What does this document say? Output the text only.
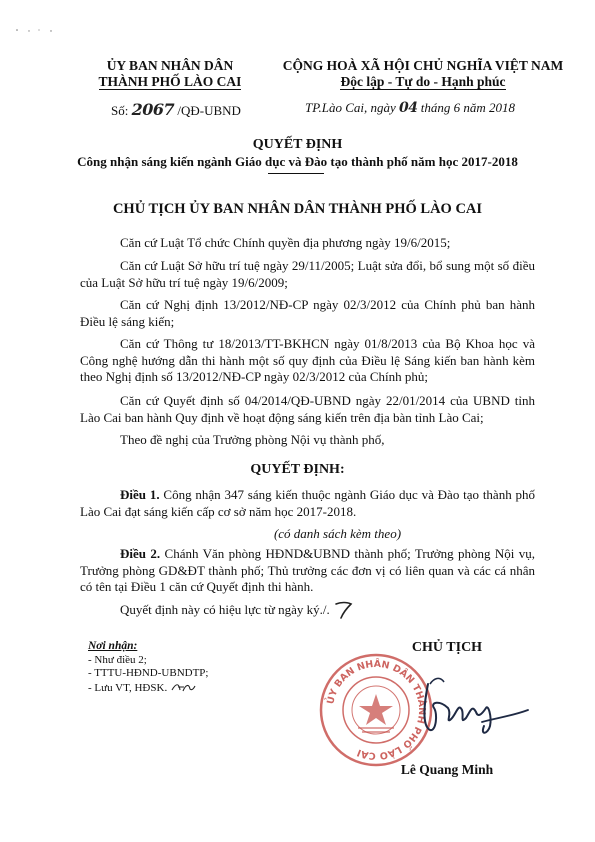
ỦY BAN NHÂN DÂN
THÀNH PHỐ LÀO CAI
CỘNG HOÀ XÃ HỘI CHỦ NGHĨA VIỆT NAM
Độc lập - Tự do - Hạnh phúc
Số: 2067 /QĐ-UBND	TP.Lào Cai, ngày 04 tháng 6 năm 2018
QUYẾT ĐỊNH
Công nhận sáng kiến ngành Giáo dục và Đào tạo thành phố năm học 2017-2018
CHỦ TỊCH ỦY BAN NHÂN DÂN THÀNH PHỐ LÀO CAI
Căn cứ Luật Tổ chức Chính quyền địa phương ngày 19/6/2015;
Căn cứ Luật Sở hữu trí tuệ ngày 29/11/2005; Luật sửa đổi, bổ sung một số điều của Luật Sở hữu trí tuệ ngày 19/6/2009;
Căn cứ Nghị định 13/2012/NĐ-CP ngày 02/3/2012 của Chính phủ ban hành Điều lệ sáng kiến;
Căn cứ Thông tư 18/2013/TT-BKHCN ngày 01/8/2013 của Bộ Khoa học và Công nghệ hướng dẫn thi hành một số quy định của Điều lệ Sáng kiến ban hành kèm theo Nghị định số 13/2012/NĐ-CP ngày 02/3/2012 của Chính phủ;
Căn cứ Quyết định số 04/2014/QĐ-UBND ngày 22/01/2014 của UBND tỉnh Lào Cai ban hành Quy định về hoạt động sáng kiến trên địa bàn tỉnh Lào Cai;
Theo đề nghị của Trưởng phòng Nội vụ thành phố,
QUYẾT ĐỊNH:
Điều 1. Công nhận 347 sáng kiến thuộc ngành Giáo dục và Đào tạo thành phố Lào Cai đạt sáng kiến cấp cơ sở năm học 2017-2018.
(có danh sách kèm theo)
Điều 2. Chánh Văn phòng HĐND&UBND thành phố; Trưởng phòng Nội vụ, Trưởng phòng GD&ĐT thành phố; Thủ trưởng các đơn vị có liên quan và các cá nhân có tên tại Điều 1 căn cứ Quyết định thi hành.
Quyết định này có hiệu lực từ ngày ký./.
Nơi nhận:
- Như điều 2;
- TTTU-HĐND-UBNDTP;
- Lưu VT, HĐSK.
CHỦ TỊCH
ỦY BAN NHÂN DÂN THÀNH PHỐ LÀO CAI
Lê Quang Minh
